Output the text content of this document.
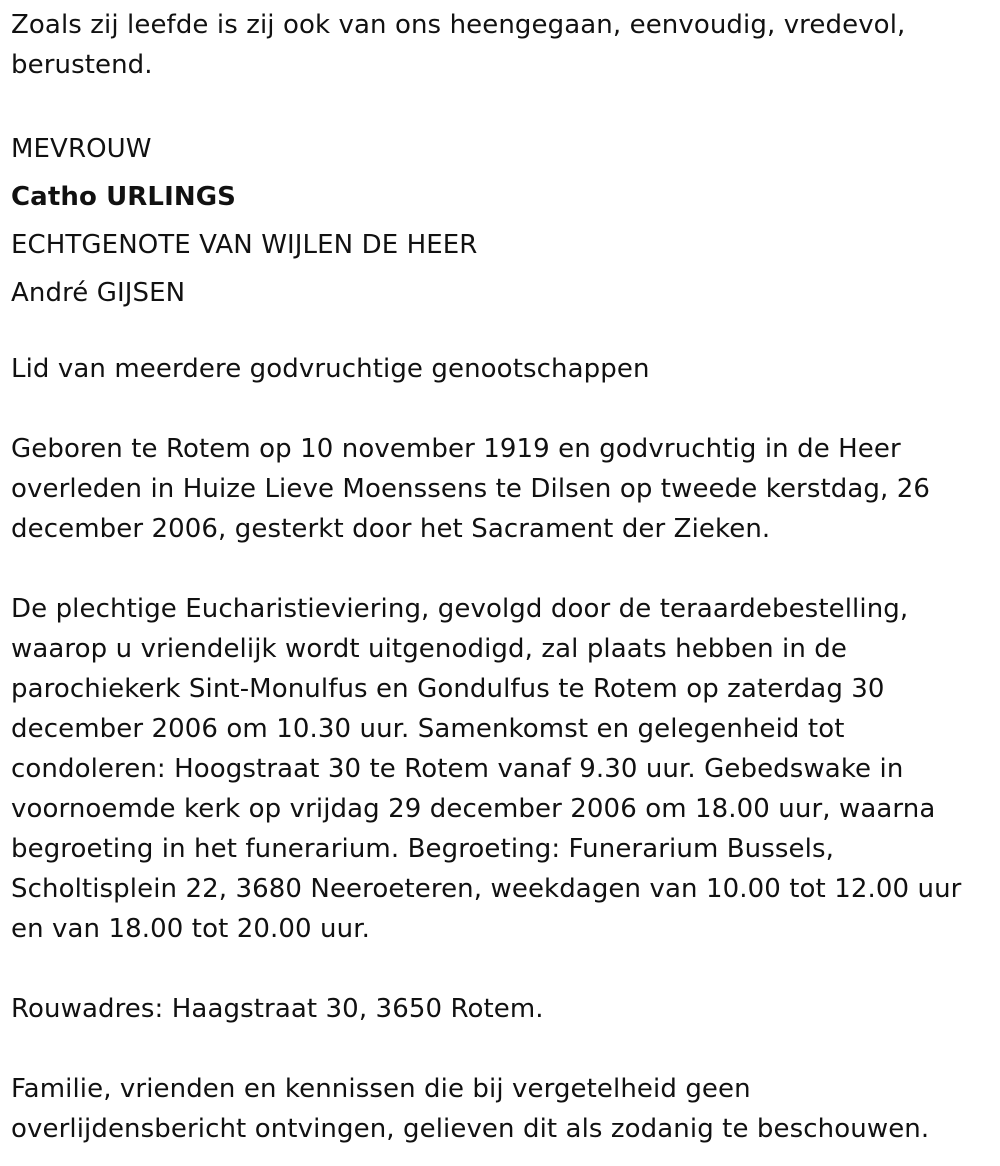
Zoals zij leefde is zij ook van ons heengegaan, eenvoudig, vredevol,
berustend.

MEVROUW

Catho URLINGS

ECHTGENOTE VAN WIJLEN DE HEER

André GIJSEN

Lid van meerdere godvruchtige genootschappen

Geboren te Rotem op 10 november 1919 en godvruchtig in de Heer
overleden in Huize Lieve Moenssens te Dilsen op tweede kerstdag, 26
december 2006, gesterkt door het Sacrament der Zieken.

De plechtige Eucharistieviering, gevolgd door de teraardebestelling,
waarop u vriendelijk wordt uitgenodigd, zal plaats hebben in de
parochiekerk Sint-Monulfus en Gondulfus te Rotem op zaterdag 30
december 2006 om 10.30 uur. Samenkomst en gelegenheid tot
condoleren: Hoogstraat 30 te Rotem vanaf 9.30 uur. Gebedswake in
voornoemde kerk op vrijdag 29 december 2006 om 18.00 uur, waarna
begroeting in het funerarium. Begroeting: Funerarium Bussels,
Scholtisplein 22, 3680 Neeroeteren, weekdagen van 10.00 tot 12.00 uur
en van 18.00 tot 20.00 uur.

Rouwadres: Haagstraat 30, 3650 Rotem.

Familie, vrienden en kennissen die bij vergetelheid geen
overlijdensbericht ontvingen, gelieven dit als zodanig te beschouwen.
